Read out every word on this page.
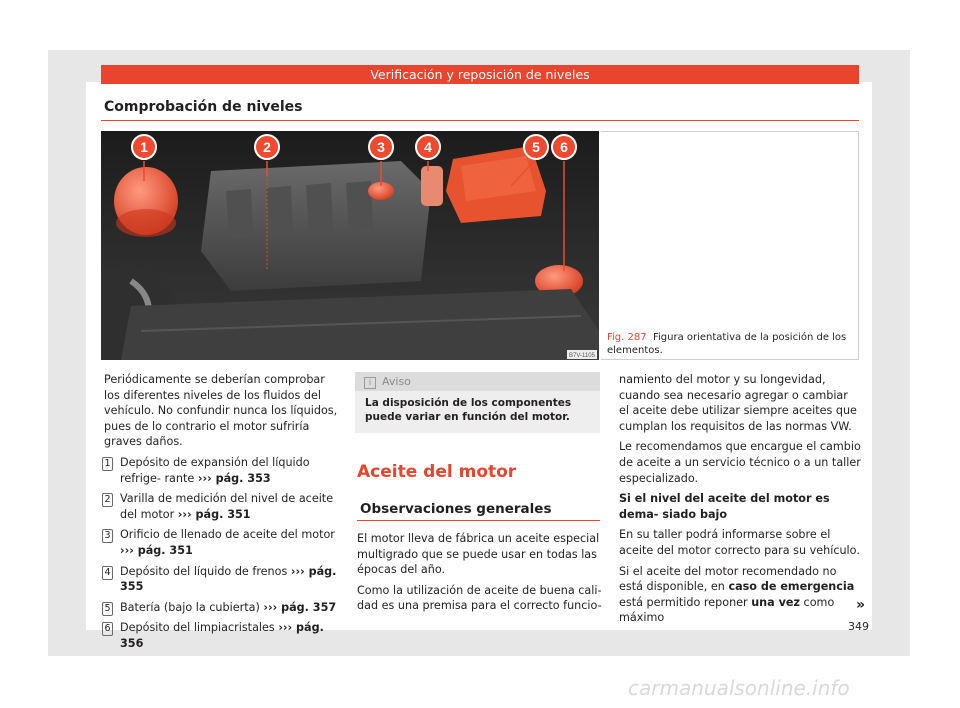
Verificación y reposición de niveles
Comprobación de niveles
1	2	3	4	5 6
B7V-1105
Fig. 287 Figura orientativa de la posición de los elementos.

Periódicamente se deberían comprobar los diferentes niveles de los fluidos del vehículo. No confundir nunca los líquidos, pues de lo contrario el motor sufriría graves daños.

1 Depósito de expansión del líquido refrige- rante ››› pág. 353
2 Varilla de medición del nivel de aceite del motor ››› pág. 351
3 Orificio de llenado de aceite del motor ››› pág. 351
4 Depósito del líquido de frenos ››› pág. 355
5 Batería (bajo la cubierta) ››› pág. 357
6 Depósito del limpiacristales ››› pág. 356
i Aviso
La disposición de los componentes puede variar en función del motor.
Aceite del motor
Observaciones generales

El motor lleva de fábrica un aceite especial multigrado que se puede usar en todas las épocas del año.

Como la utilización de aceite de buena cali- dad es una premisa para el correcto funcio-

namiento del motor y su longevidad, cuando sea necesario agregar o cambiar el aceite debe utilizar siempre aceites que cumplan los requisitos de las normas VW.

Le recomendamos que encargue el cambio de aceite a un servicio técnico o a un taller especializado.

Si el nivel del aceite del motor es dema- siado bajo

En su taller podrá informarse sobre el aceite del motor correcto para su vehículo.

Si el aceite del motor recomendado no está disponible, en caso de emergencia está permitido reponer una vez como máximo

»
349
carmanualsonline.info
